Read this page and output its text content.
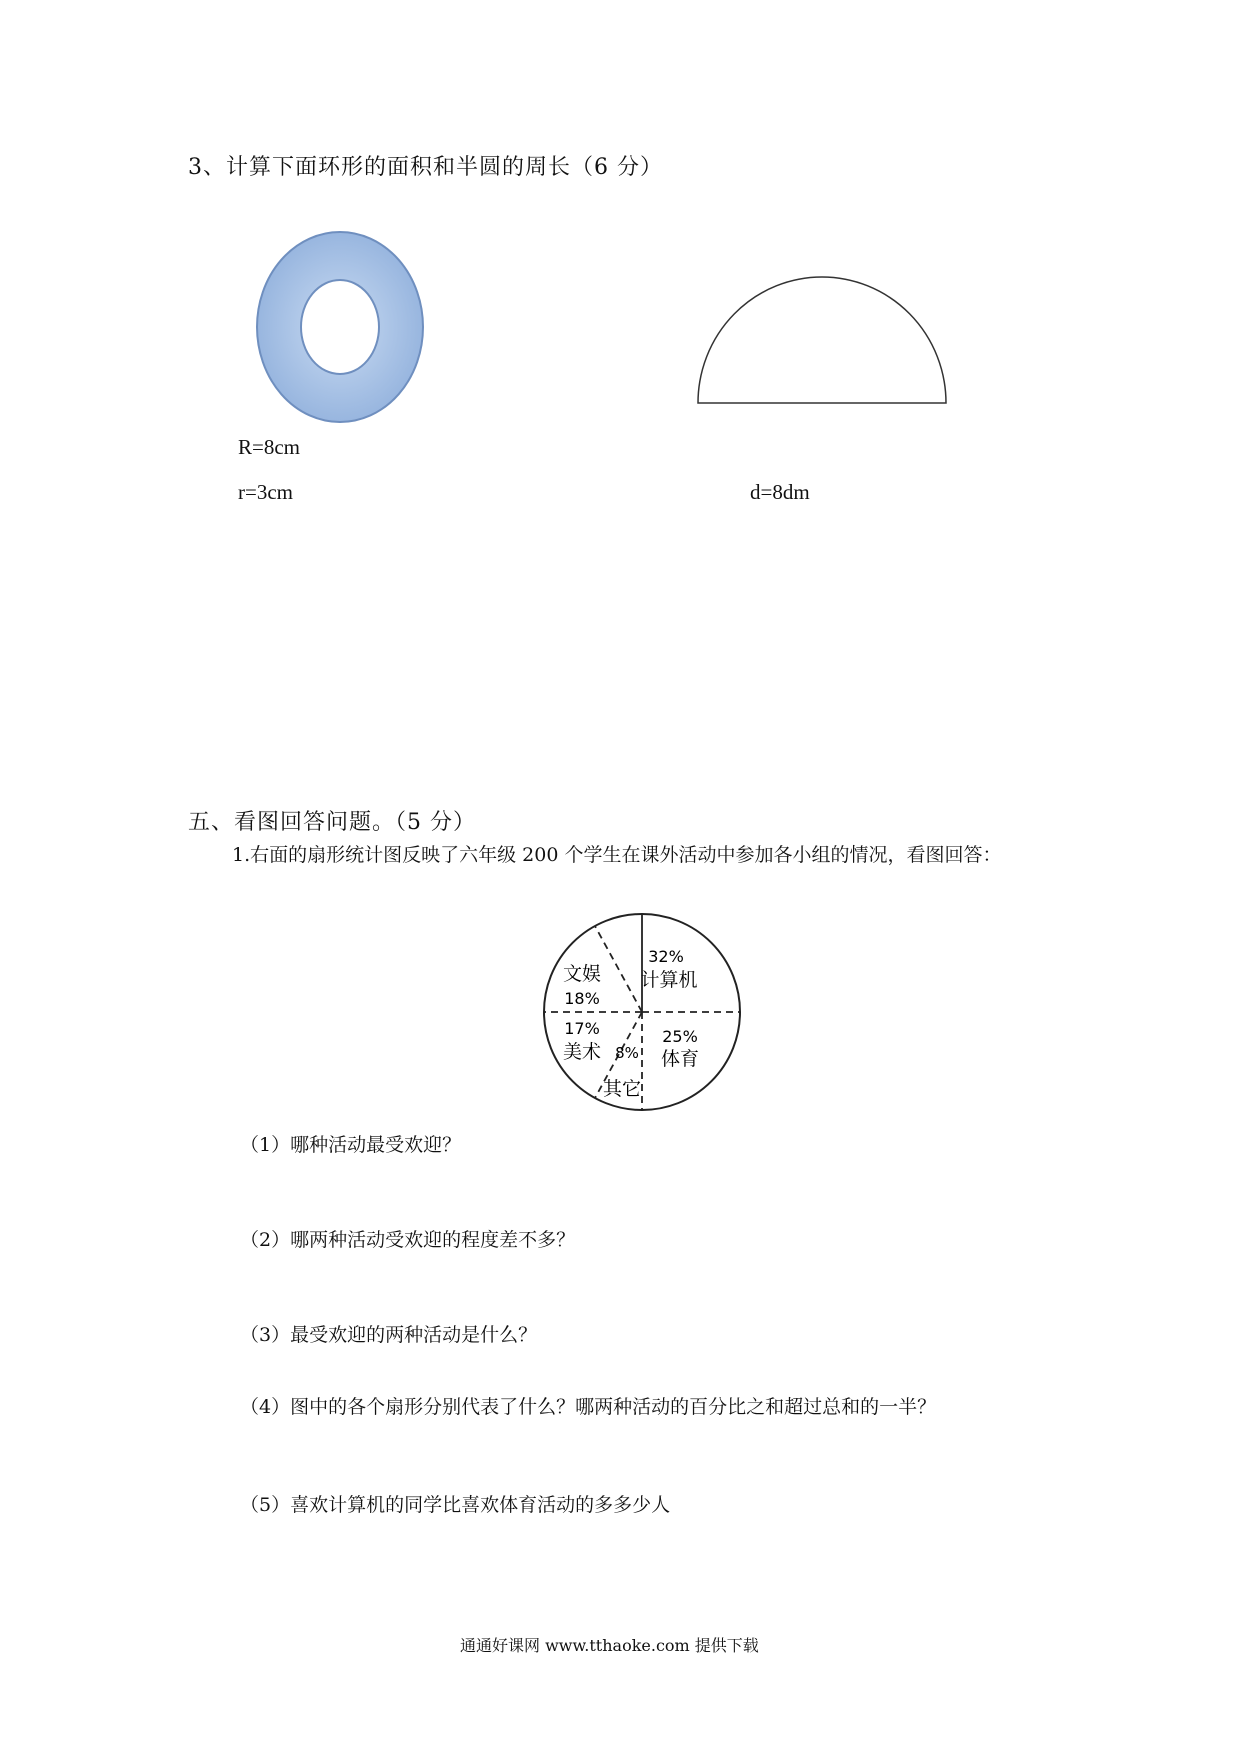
3、计算下面环形的面积和半圆的周长（6 分）
R=8cm
r=3cm	d=8dm
五、看图回答问题。（5 分）
1.右面的扇形统计图反映了六年级 200 个学生在课外活动中参加各小组的情况，看图回答：
32%
计算机
文娱
18%
17%
美术
25%
体育
8%
其它
（1）哪种活动最受欢迎？
（2）哪两种活动受欢迎的程度差不多？
（3）最受欢迎的两种活动是什么？
（4）图中的各个扇形分别代表了什么？哪两种活动的百分比之和超过总和的一半？
（5）喜欢计算机的同学比喜欢体育活动的多多少人
通通好课网 www.tthaoke.com 提供下载
